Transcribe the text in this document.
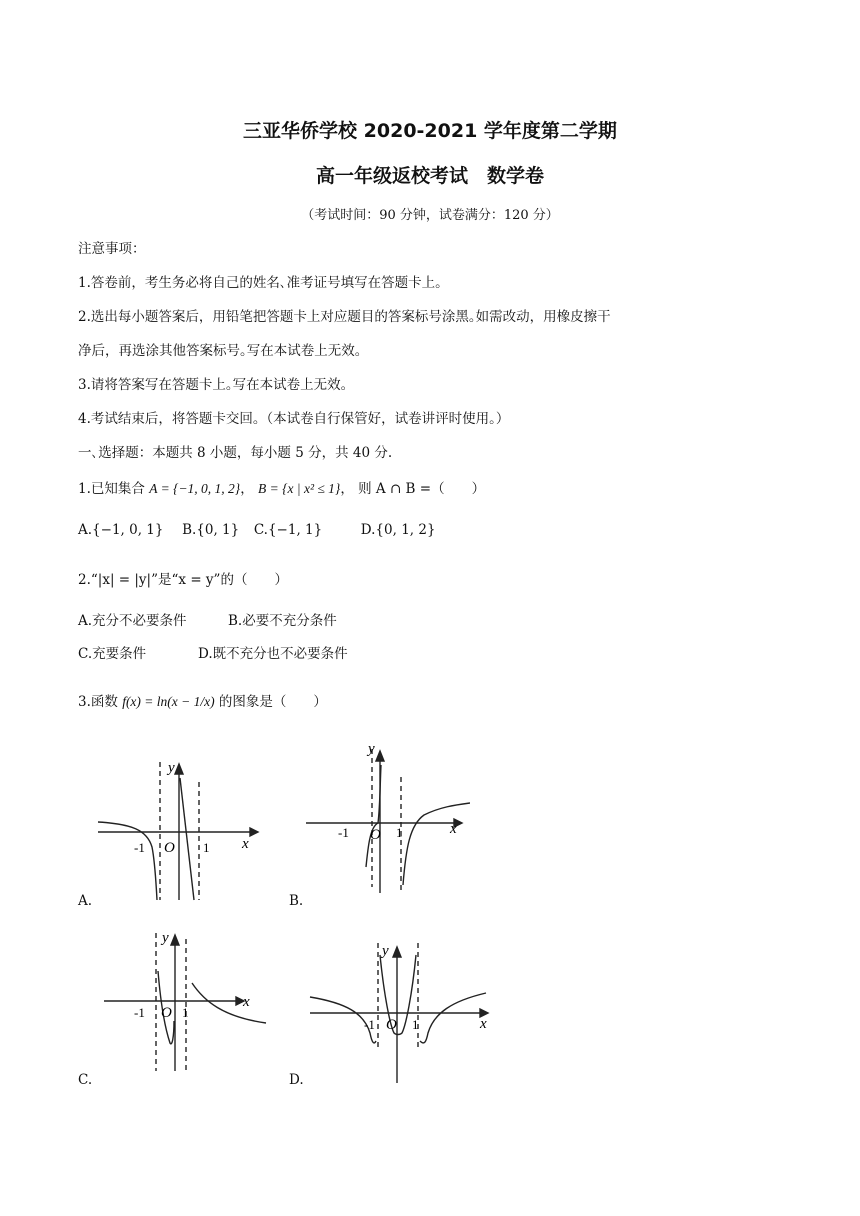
三亚华侨学校 2020-2021 学年度第二学期
高一年级返校考试　数学卷
（考试时间：90 分钟，试卷满分：120 分）
注意事项：
1.答卷前，考生务必将自己的姓名､准考证号填写在答题卡上。
2.选出每小题答案后，用铅笔把答题卡上对应题目的答案标号涂黑｡如需改动，用橡皮擦干
净后，再选涂其他答案标号｡写在本试卷上无效。
3.请将答案写在答题卡上｡写在本试卷上无效。
4.考试结束后，将答题卡交回。（本试卷自行保管好，试卷讲评时使用。）
一､选择题：本题共 8 小题，每小题 5 分，共 40 分.
1.已知集合 A = {−1, 0, 1, 2}， B = {x | x² ≤ 1}， 则 A ∩ B =（　　）
A.{−1, 0, 1} B.{0, 1} C.{−1, 1}	D.{0, 1, 2}
2.“|x| = |y|”是“x = y”的（　　）
A.充分不必要条件	B.必要不充分条件
C.充要条件	D.既不充分也不必要条件
3.函数 f(x) = ln(x − 1/x) 的图象是（　　）
y
x
-1 O 1
A.
y
x
-1 O 1
B.
y
x
-1 O 1
C.
y
x
-1 O 1
D.
